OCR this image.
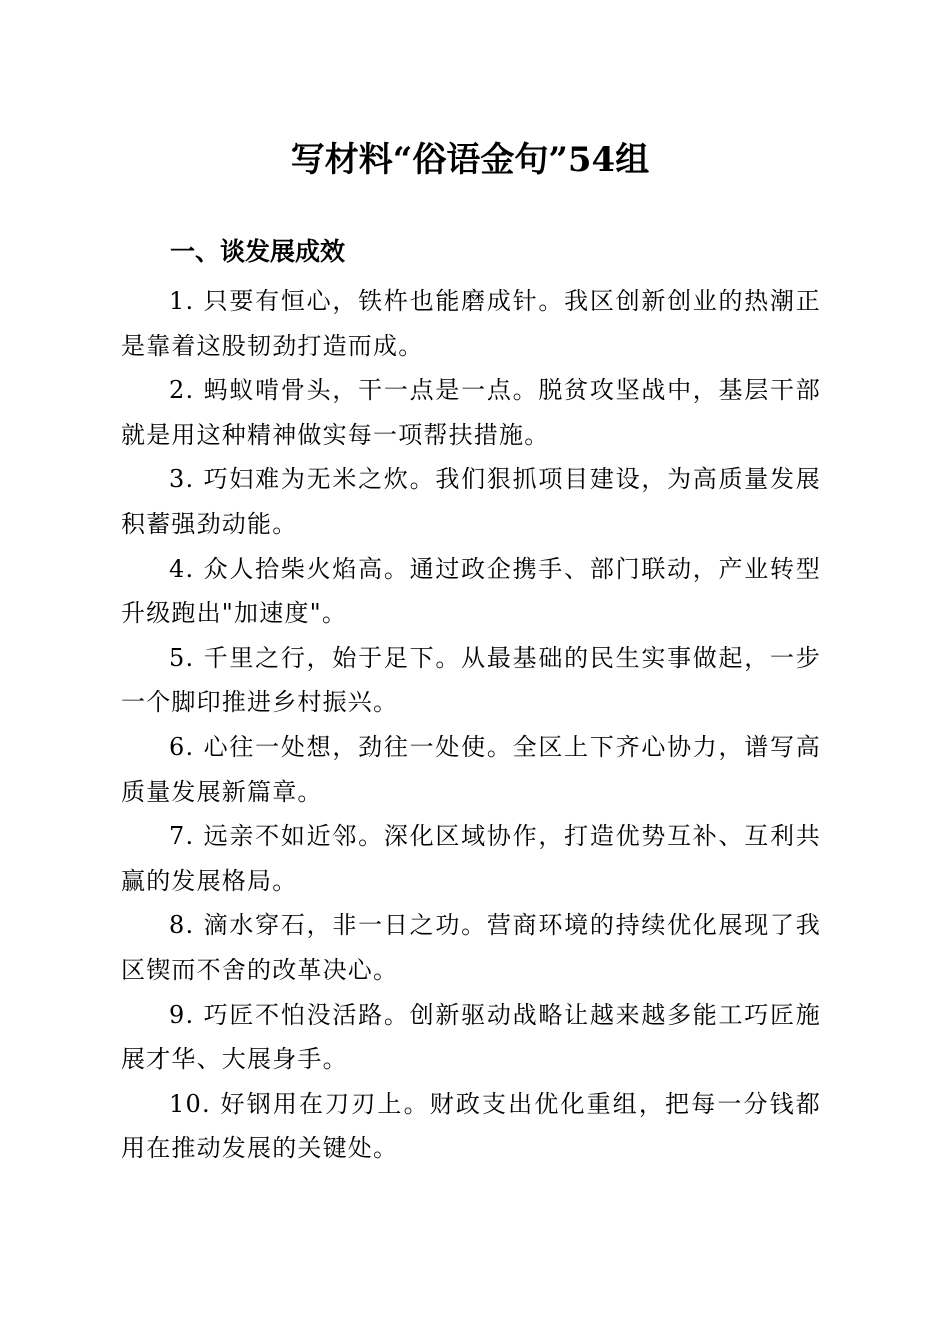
写材料“俗语金句”54组
一、谈发展成效

1. 只要有恒心，铁杵也能磨成针。我区创新创业的热潮正是靠着这股韧劲打造而成。

2. 蚂蚁啃骨头，干一点是一点。脱贫攻坚战中，基层干部就是用这种精神做实每一项帮扶措施。

3. 巧妇难为无米之炊。我们狠抓项目建设，为高质量发展积蓄强劲动能。

4. 众人拾柴火焰高。通过政企携手、部门联动，产业转型升级跑出"加速度"。

5. 千里之行，始于足下。从最基础的民生实事做起，一步一个脚印推进乡村振兴。

6. 心往一处想，劲往一处使。全区上下齐心协力，谱写高质量发展新篇章。

7. 远亲不如近邻。深化区域协作，打造优势互补、互利共赢的发展格局。

8. 滴水穿石，非一日之功。营商环境的持续优化展现了我区锲而不舍的改革决心。

9. 巧匠不怕没活路。创新驱动战略让越来越多能工巧匠施展才华、大展身手。

10. 好钢用在刀刃上。财政支出优化重组，把每一分钱都用在推动发展的关键处。
